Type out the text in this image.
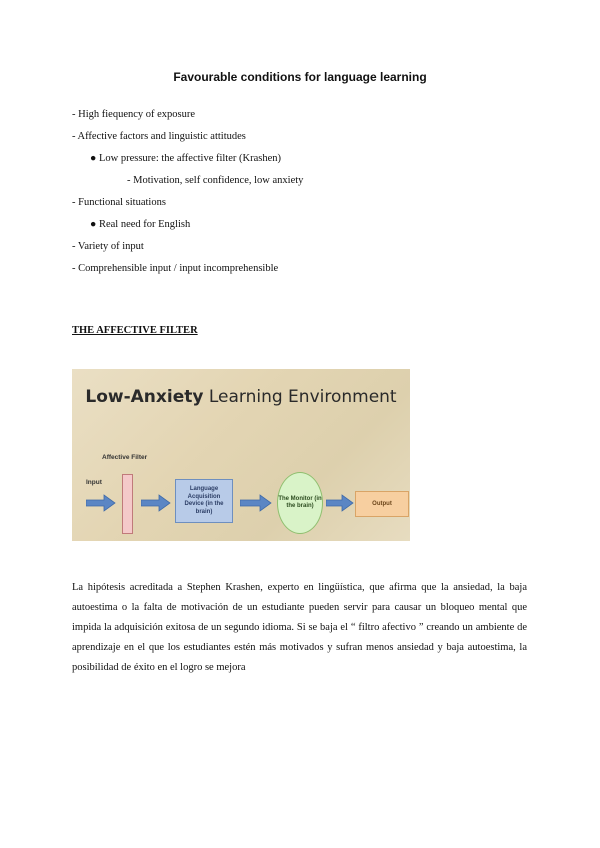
Favourable conditions for language learning
- High fiequency of exposure
- Affective factors and linguistic attitudes
● Low pressure: the affective filter (Krashen)
- Motivation, self confidence, low anxiety
- Functional situations
● Real need for English
- Variety of input
- Comprehensible input / input incomprehensible
THE AFFECTIVE FILTER
Low-Anxiety Learning Environment
Affective Filter
Input
Language Acquisition Device (in the brain)
The Monitor (in the brain)	Output
La hipótesis acreditada a Stephen Krashen, experto en lingüística, que afirma que la ansiedad, la baja autoestima o la falta de motivación de un estudiante pueden servir para causar un bloqueo mental que impida la adquisición exitosa de un segundo idioma. Si se baja el “ filtro afectivo ” creando un ambiente de aprendizaje en el que los estudiantes estén más motivados y sufran menos ansiedad y baja autoestima, la posibilidad de éxito en el logro se mejora
